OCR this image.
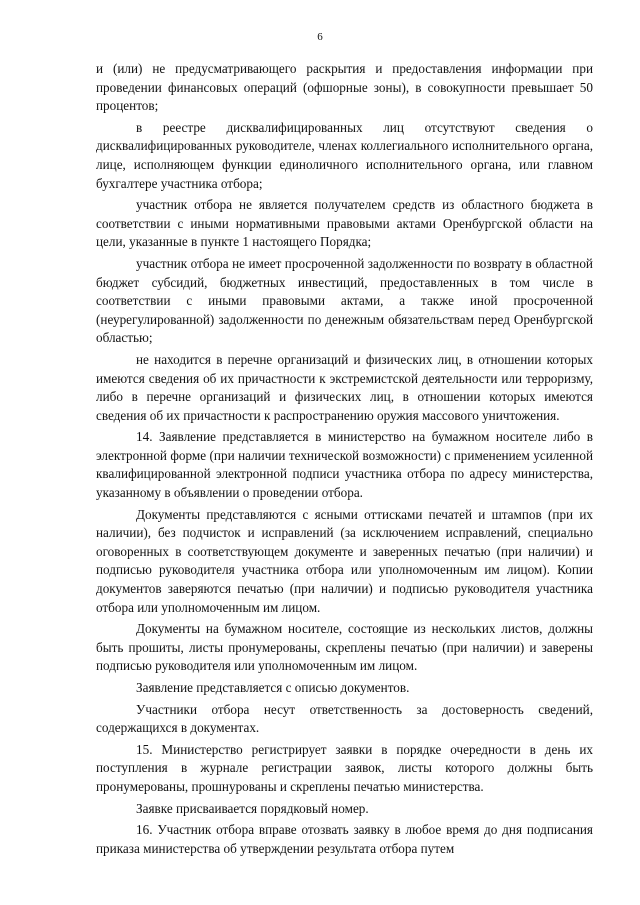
6

и (или) не предусматривающего раскрытия и предоставления информации при проведении финансовых операций (офшорные зоны), в совокупности превышает 50 процентов;

в реестре дисквалифицированных лиц отсутствуют сведения о дисквалифицированных руководителе, членах коллегиального исполнительного органа, лице, исполняющем функции единоличного исполнительного органа, или главном бухгалтере участника отбора;

участник отбора не является получателем средств из областного бюджета в соответствии с иными нормативными правовыми актами Оренбургской области на цели, указанные в пункте 1 настоящего Порядка;

участник отбора не имеет просроченной задолженности по возврату в областной бюджет субсидий, бюджетных инвестиций, предоставленных в том числе в соответствии с иными правовыми актами, а также иной просроченной (неурегулированной) задолженности по денежным обязательствам перед Оренбургской областью;

не находится в перечне организаций и физических лиц, в отношении которых имеются сведения об их причастности к экстремистской деятельности или терроризму, либо в перечне организаций и физических лиц, в отношении которых имеются сведения об их причастности к распространению оружия массового уничтожения.

14. Заявление представляется в министерство на бумажном носителе либо в электронной форме (при наличии технической возможности) с применением усиленной квалифицированной электронной подписи участника отбора по адресу министерства, указанному в объявлении о проведении отбора.

Документы представляются с ясными оттисками печатей и штампов (при их наличии), без подчисток и исправлений (за исключением исправлений, специально оговоренных в соответствующем документе и заверенных печатью (при наличии) и подписью руководителя участника отбора или уполномоченным им лицом). Копии документов заверяются печатью (при наличии) и подписью руководителя участника отбора или уполномоченным им лицом.

Документы на бумажном носителе, состоящие из нескольких листов, должны быть прошиты, листы пронумерованы, скреплены печатью (при наличии) и заверены подписью руководителя или уполномоченным им лицом.

Заявление представляется с описью документов.

Участники отбора несут ответственность за достоверность сведений, содержащихся в документах.

15. Министерство регистрирует заявки в порядке очередности в день их поступления в журнале регистрации заявок, листы которого должны быть пронумерованы, прошнурованы и скреплены печатью министерства.

Заявке присваивается порядковый номер.

16. Участник отбора вправе отозвать заявку в любое время до дня подписания приказа министерства об утверждении результата отбора путем
